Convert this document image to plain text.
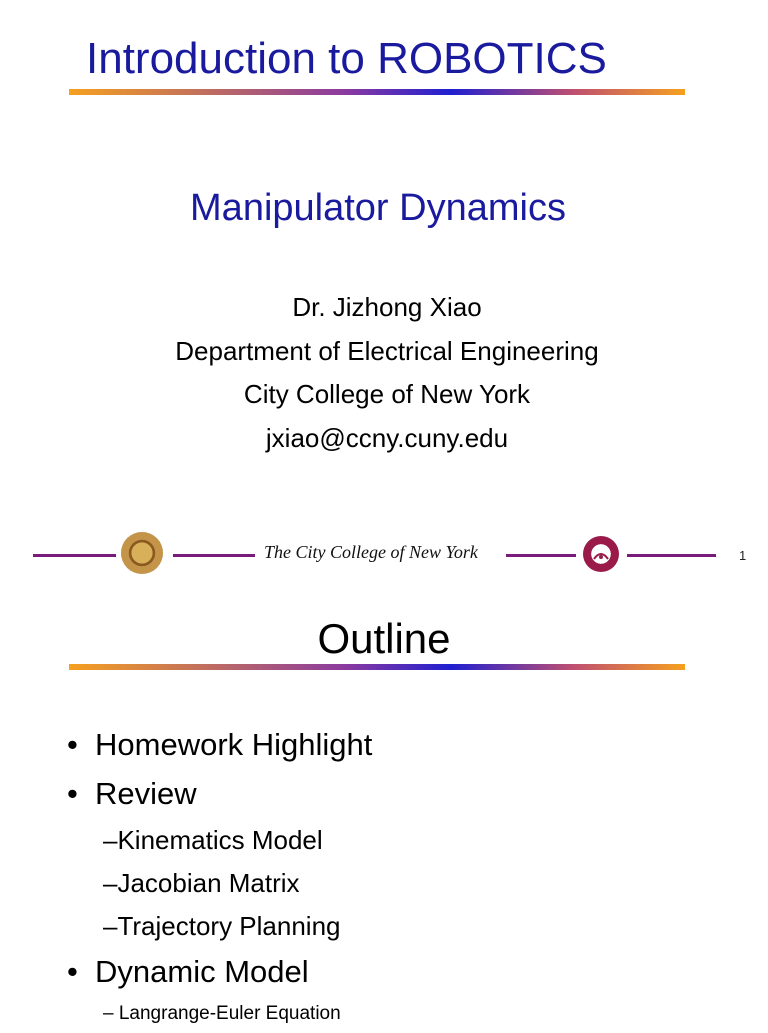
Introduction to ROBOTICS
Manipulator Dynamics
Dr. Jizhong Xiao
Department of Electrical Engineering
City College of New York
jxiao@ccny.cuny.edu
The City College of New York	1
Outline
• Homework Highlight
• Review
–Kinematics Model
–Jacobian Matrix
–Trajectory Planning
• Dynamic Model
– Langrange-Euler Equation
